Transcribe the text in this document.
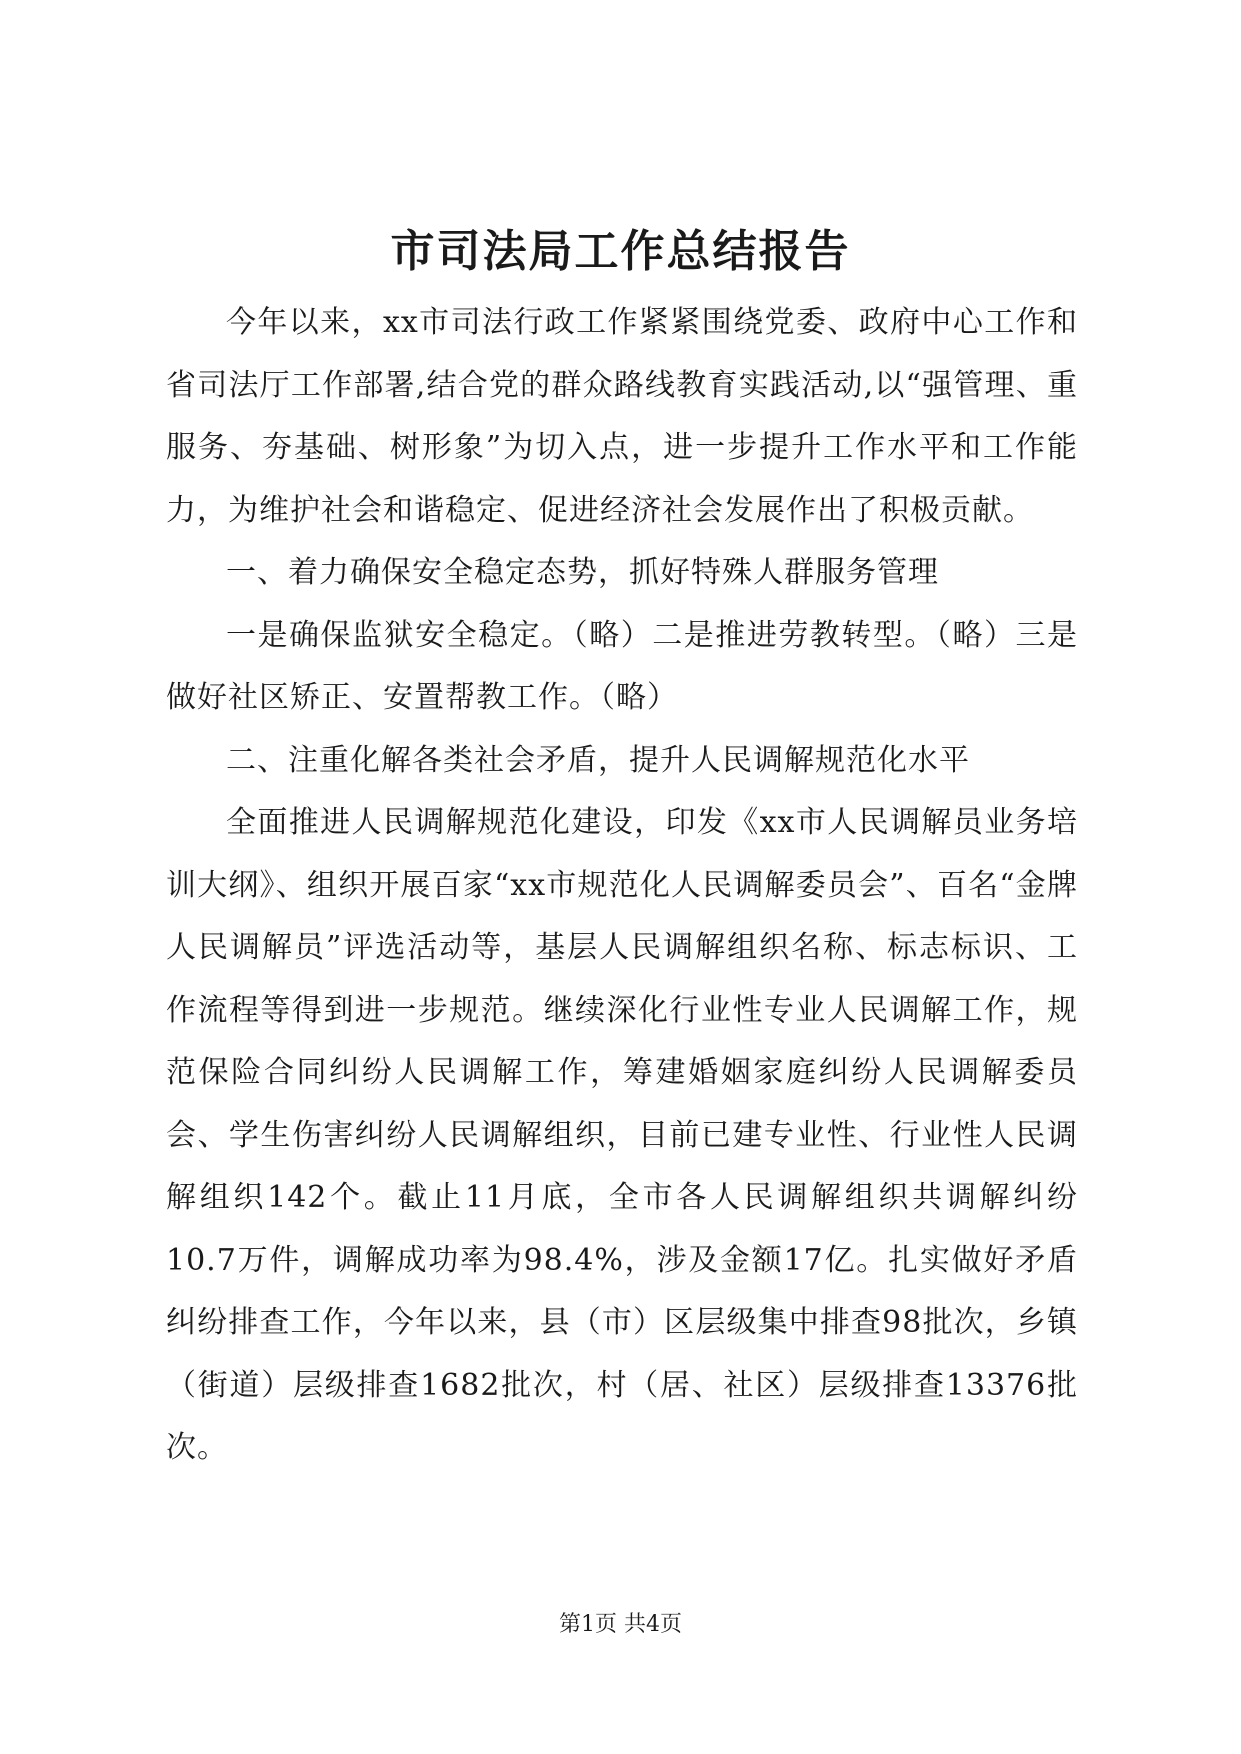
市司法局工作总结报告

今年以来，xx市司法行政工作紧紧围绕党委、政府中心工作和省司法厅工作部署,结合党的群众路线教育实践活动,以“强管理、重服务、夯基础、树形象”为切入点，进一步提升工作水平和工作能力，为维护社会和谐稳定、促进经济社会发展作出了积极贡献。

一、着力确保安全稳定态势，抓好特殊人群服务管理

一是确保监狱安全稳定。（略）二是推进劳教转型。（略）三是做好社区矫正、安置帮教工作。（略）

二、注重化解各类社会矛盾，提升人民调解规范化水平

全面推进人民调解规范化建设，印发《xx市人民调解员业务培训大纲》、组织开展百家“xx市规范化人民调解委员会”、百名“金牌人民调解员”评选活动等，基层人民调解组织名称、标志标识、工作流程等得到进一步规范。继续深化行业性专业人民调解工作，规范保险合同纠纷人民调解工作，筹建婚姻家庭纠纷人民调解委员会、学生伤害纠纷人民调解组织，目前已建专业性、行业性人民调解组织142个。截止11月底，全市各人民调解组织共调解纠纷10.7万件，调解成功率为98.4%，涉及金额17亿。扎实做好矛盾纠纷排查工作，今年以来，县（市）区层级集中排查98批次，乡镇（街道）层级排查1682批次，村（居、社区）层级排查13376批次。

第1页 共4页
